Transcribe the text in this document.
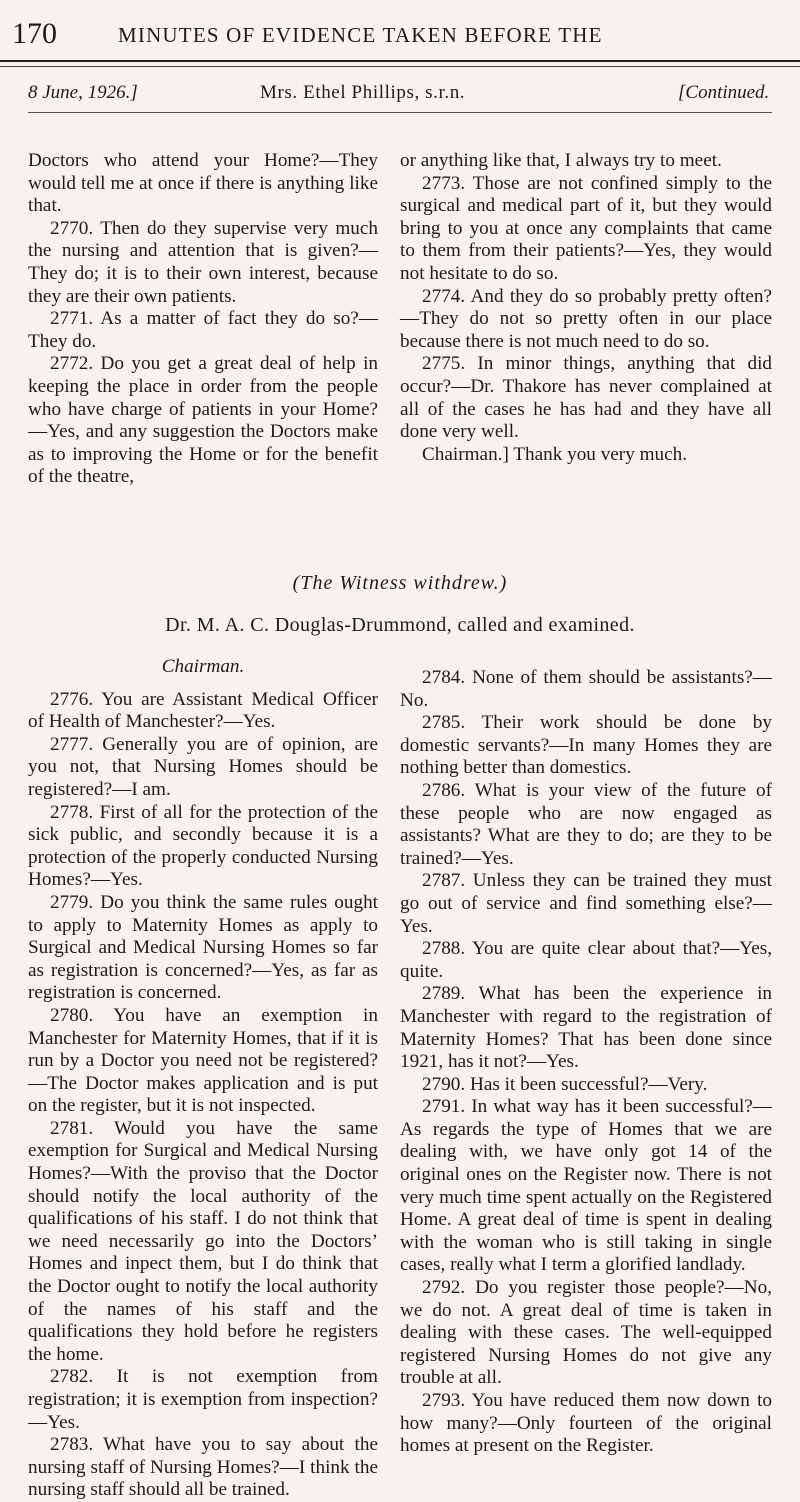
170	MINUTES OF EVIDENCE TAKEN BEFORE THE
8 June, 1926.]	Mrs. Ethel Phillips, s.r.n.	[Continued.

Doctors who attend your Home?—They would tell me at once if there is anything like that.

2770. Then do they supervise very much the nursing and attention that is given?—They do; it is to their own interest, because they are their own patients.

2771. As a matter of fact they do so?—They do.

2772. Do you get a great deal of help in keeping the place in order from the people who have charge of patients in your Home?—Yes, and any suggestion the Doctors make as to improving the Home or for the benefit of the theatre,

or anything like that, I always try to meet.

2773. Those are not confined simply to the surgical and medical part of it, but they would bring to you at once any complaints that came to them from their patients?—Yes, they would not hesitate to do so.

2774. And they do so probably pretty often?—They do not so pretty often in our place because there is not much need to do so.

2775. In minor things, anything that did occur?—Dr. Thakore has never complained at all of the cases he has had and they have all done very well.

Chairman.] Thank you very much.

(The Witness withdrew.)
Dr. M. A. C. Douglas-Drummond, called and examined.

Chairman.

2776. You are Assistant Medical Officer of Health of Manchester?—Yes.

2777. Generally you are of opinion, are you not, that Nursing Homes should be registered?—I am.

2778. First of all for the protection of the sick public, and secondly because it is a protection of the properly conducted Nursing Homes?—Yes.

2779. Do you think the same rules ought to apply to Maternity Homes as apply to Surgical and Medical Nursing Homes so far as registration is concerned?—Yes, as far as registration is concerned.

2780. You have an exemption in Manchester for Maternity Homes, that if it is run by a Doctor you need not be registered?—The Doctor makes application and is put on the register, but it is not inspected.

2781. Would you have the same exemption for Surgical and Medical Nursing Homes?—With the proviso that the Doctor should notify the local authority of the qualifications of his staff. I do not think that we need necessarily go into the Doctors’ Homes and inpect them, but I do think that the Doctor ought to notify the local authority of the names of his staff and the qualifications they hold before he registers the home.

2782. It is not exemption from registration; it is exemption from inspection?—Yes.

2783. What have you to say about the nursing staff of Nursing Homes?—I think the nursing staff should all be trained.

2784. None of them should be assistants?—No.

2785. Their work should be done by domestic servants?—In many Homes they are nothing better than domestics.

2786. What is your view of the future of these people who are now engaged as assistants? What are they to do; are they to be trained?—Yes.

2787. Unless they can be trained they must go out of service and find something else?—Yes.

2788. You are quite clear about that?—Yes, quite.

2789. What has been the experience in Manchester with regard to the registration of Maternity Homes? That has been done since 1921, has it not?—Yes.

2790. Has it been successful?—Very.

2791. In what way has it been successful?—As regards the type of Homes that we are dealing with, we have only got 14 of the original ones on the Register now. There is not very much time spent actually on the Registered Home. A great deal of time is spent in dealing with the woman who is still taking in single cases, really what I term a glorified landlady.

2792. Do you register those people?—No, we do not. A great deal of time is taken in dealing with these cases. The well-equipped registered Nursing Homes do not give any trouble at all.

2793. You have reduced them now down to how many?—Only fourteen of the original homes at present on the Register.
